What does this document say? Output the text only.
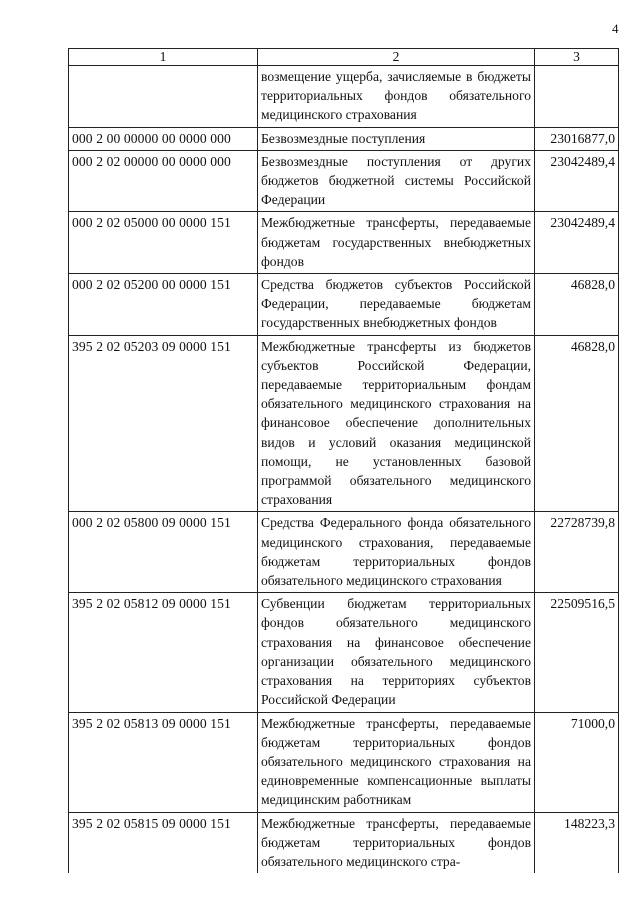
4
1	2	3
	возмещение ущерба, зачисляемые в бюджеты территориальных фондов обязательного медицинского страхования	
000 2 00 00000 00 0000 000	Безвозмездные поступления	23016877,0
000 2 02 00000 00 0000 000	Безвозмездные поступления от других бюджетов бюджетной системы Российской Федерации	23042489,4
000 2 02 05000 00 0000 151	Межбюджетные трансферты, передаваемые бюджетам государственных внебюджетных фондов	23042489,4
000 2 02 05200 00 0000 151	Средства бюджетов субъектов Российской Федерации, передаваемые бюджетам государственных внебюджетных фондов	46828,0
395 2 02 05203 09 0000 151	Межбюджетные трансферты из бюджетов субъектов Российской Федерации, передаваемые территориальным фондам обязательного медицинского страхования на финансовое обеспечение дополнительных видов и условий оказания медицинской помощи, не установленных базовой программой обязательного медицинского страхования	46828,0
000 2 02 05800 09 0000 151	Средства Федерального фонда обязательного медицинского страхования, передаваемые бюджетам территориальных фондов обязательного медицинского страхования	22728739,8
395 2 02 05812 09 0000 151	Субвенции бюджетам территориальных фондов обязательного медицинского страхования на финансовое обеспечение организации обязательного медицинского страхования на территориях субъектов Российской Федерации	22509516,5
395 2 02 05813 09 0000 151	Межбюджетные трансферты, передаваемые бюджетам территориальных фондов обязательного медицинского страхования на единовременные компенсационные выплаты медицинским работникам	71000,0
395 2 02 05815 09 0000 151	Межбюджетные трансферты, передаваемые бюджетам территориальных фондов обязательного медицинского стра-	148223,3
